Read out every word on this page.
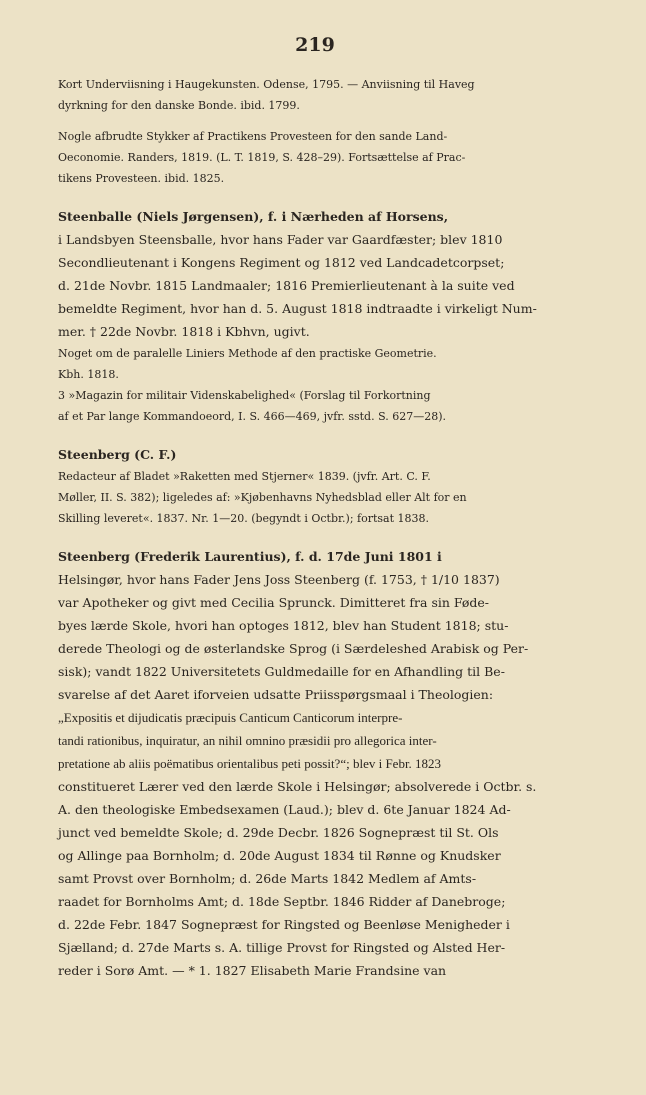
219

Kort Underviisning i Haugekunsten. Odense, 1795. — Anviisning til Haveg

dyrkning for den danske Bonde. ibid. 1799.

Nogle afbrudte Stykker af Practikens Provesteen for den sande Land-

Oeconomie. Randers, 1819. (L. T. 1819, S. 428–29). Fortsættelse af Prac-

tikens Provesteen. ibid. 1825.

Steenballe (Niels Jørgensen), f. i Nærheden af Horsens,

i Landsbyen Steensballe, hvor hans Fader var Gaardfæster; blev 1810

Secondlieutenant i Kongens Regiment og 1812 ved Landcadetcorpset;

d. 21de Novbr. 1815 Landmaaler; 1816 Premierlieutenant à la suite ved

bemeldte Regiment, hvor han d. 5. August 1818 indtraadte i virkeligt Num-

mer. † 22de Novbr. 1818 i Kbhvn, ugivt.

Noget om de paralelle Liniers Methode af den practiske Geometrie.

Kbh. 1818.

3 »Magazin for militair Videnskabelighed« (Forslag til Forkortning

af et Par lange Kommandoeord, I. S. 466—469, jvfr. sstd. S. 627—28).

Steenberg (C. F.)

Redacteur af Bladet »Raketten med Stjerner« 1839. (jvfr. Art. C. F.

Møller, II. S. 382); ligeledes af: »Kjøbenhavns Nyhedsblad eller Alt for en

Skilling leveret«. 1837. Nr. 1—20. (begyndt i Octbr.); fortsat 1838.

Steenberg (Frederik Laurentius), f. d. 17de Juni 1801 i

Helsingør, hvor hans Fader Jens Joss Steenberg (f. 1753, † 1/10 1837)

var Apotheker og givt med Cecilia Sprunck. Dimitteret fra sin Føde-

byes lærde Skole, hvori han optoges 1812, blev han Student 1818; stu-

derede Theologi og de østerlandske Sprog (i Særdeleshed Arabisk og Per-

sisk); vandt 1822 Universitetets Guldmedaille for en Afhandling til Be-

svarelse af det Aaret iforveien udsatte Priisspørgsmaal i Theologien:

„Expositis et dijudicatis præcipuis Canticum Canticorum interpre-

tandi rationibus, inquiratur, an nihil omnino præsidii pro allegorica inter-

pretatione ab aliis poëmatibus orientalibus peti possit?“; blev i Febr. 1823

constitueret Lærer ved den lærde Skole i Helsingør; absolverede i Octbr. s.

A. den theologiske Embedsexamen (Laud.); blev d. 6te Januar 1824 Ad-

junct ved bemeldte Skole; d. 29de Decbr. 1826 Sognepræst til St. Ols

og Allinge paa Bornholm; d. 20de August 1834 til Rønne og Knudsker

samt Provst over Bornholm; d. 26de Marts 1842 Medlem af Amts-

raadet for Bornholms Amt; d. 18de Septbr. 1846 Ridder af Danebroge;

d. 22de Febr. 1847 Sognepræst for Ringsted og Beenløse Menigheder i

Sjælland; d. 27de Marts s. A. tillige Provst for Ringsted og Alsted Her-

reder i Sorø Amt. — * 1. 1827 Elisabeth Marie Frandsine van
